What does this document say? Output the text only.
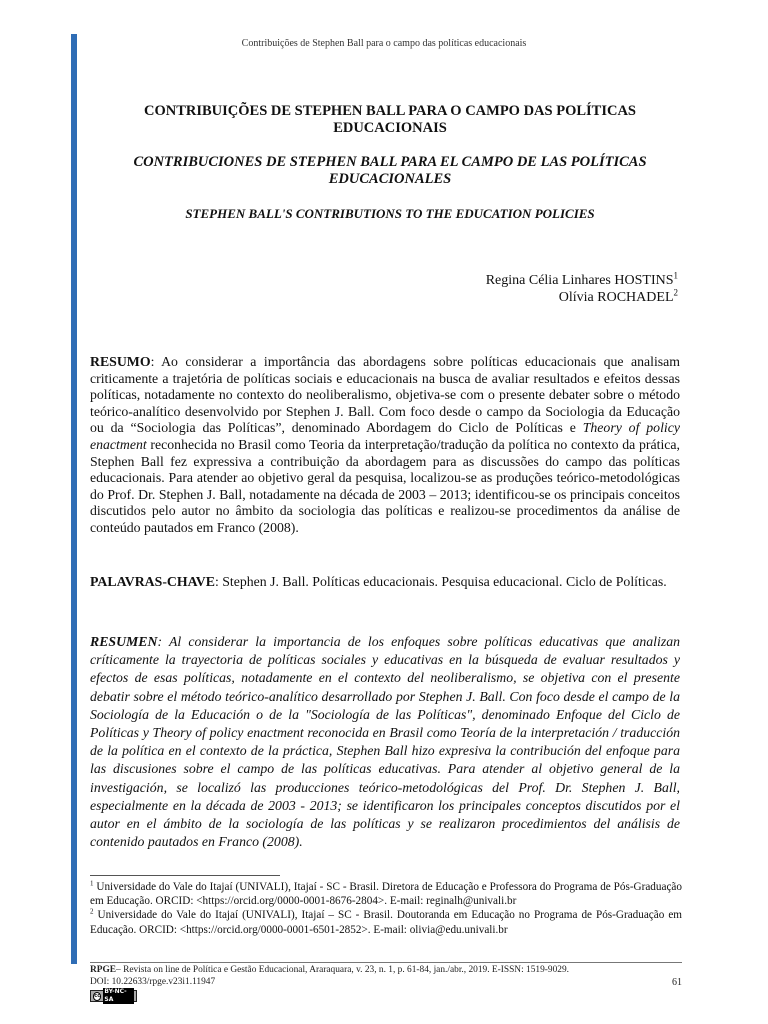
Contribuições de Stephen Ball para o campo das políticas educacionais
CONTRIBUIÇÕES DE STEPHEN BALL PARA O CAMPO DAS POLÍTICAS EDUCACIONAIS
CONTRIBUCIONES DE STEPHEN BALL PARA EL CAMPO DE LAS POLÍTICAS EDUCACIONALES
STEPHEN BALL'S CONTRIBUTIONS TO THE EDUCATION POLICIES
Regina Célia Linhares HOSTINS$^1$
Olívia ROCHADEL$^2$
RESUMO: Ao considerar a importância das abordagens sobre políticas educacionais que analisam criticamente a trajetória de políticas sociais e educacionais na busca de avaliar resultados e efeitos dessas políticas, notadamente no contexto do neoliberalismo, objetiva-se com o presente debater sobre o método teórico-analítico desenvolvido por Stephen J. Ball. Com foco desde o campo da Sociologia da Educação ou da “Sociologia das Políticas”, denominado Abordagem do Ciclo de Políticas e Theory of policy enactment reconhecida no Brasil como Teoria da interpretação/tradução da política no contexto da prática, Stephen Ball fez expressiva a contribuição da abordagem para as discussões do campo das políticas educacionais. Para atender ao objetivo geral da pesquisa, localizou-se as produções teórico-metodológicas do Prof. Dr. Stephen J. Ball, notadamente na década de 2003 – 2013; identificou-se os principais conceitos discutidos pelo autor no âmbito da sociologia das políticas e realizou-se procedimentos da análise de conteúdo pautados em Franco (2008).
PALAVRAS-CHAVE: Stephen J. Ball. Políticas educacionais. Pesquisa educacional. Ciclo de Políticas.
RESUMEN: Al considerar la importancia de los enfoques sobre políticas educativas que analizan críticamente la trayectoria de políticas sociales y educativas en la búsqueda de evaluar resultados y efectos de esas políticas, notadamente en el contexto del neoliberalismo, se objetiva con el presente debatir sobre el método teórico-analítico desarrollado por Stephen J. Ball. Con foco desde el campo de la Sociología de la Educación o de la "Sociología de las Políticas", denominado Enfoque del Ciclo de Políticas y Theory of policy enactment reconocida en Brasil como Teoría de la interpretación / traducción de la política en el contexto de la práctica, Stephen Ball hizo expresiva la contribución del enfoque para las discusiones sobre el campo de las políticas educativas. Para atender al objetivo general de la investigación, se localizó las producciones teórico-metodológicas del Prof. Dr. Stephen J. Ball, especialmente en la década de 2003 - 2013; se identificaron los principales conceptos discutidos por el autor en el ámbito de la sociología de las políticas y se realizaron procedimientos del análisis de contenido pautados en Franco (2008).
$^1$ Universidade do Vale do Itajaí (UNIVALI), Itajaí - SC - Brasil. Diretora de Educação e Professora do Programa de Pós-Graduação em Educação. ORCID: <https://orcid.org/0000-0001-8676-2804>. E-mail: reginalh@univali.br
$^2$ Universidade do Vale do Itajaí (UNIVALI), Itajaí – SC - Brasil. Doutoranda em Educação no Programa de Pós-Graduação em Educação. ORCID: <https://orcid.org/0000-0001-6501-2852>. E-mail: olivia@edu.univali.br
RPGE– Revista on line de Política e Gestão Educacional, Araraquara, v. 23, n. 1, p. 61-84, jan./abr., 2019. E-ISSN: 1519-9029.
DOI: 10.22633/rpge.v23i1.11947	61
cc
BY-NC-SA
